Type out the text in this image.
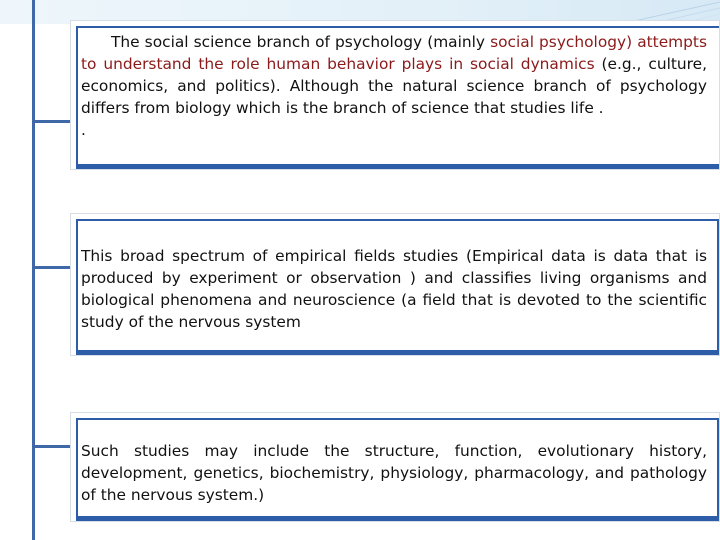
The social science branch of psychology (mainly social psychology) attempts to understand the role human behavior plays in social dynamics (e.g., culture, economics, and politics). Although the natural science branch of psychology differs from biology which is the branch of science that studies life .
.
This broad spectrum of empirical fields studies (Empirical data is data that is produced by experiment or observation ) and classifies living organisms and biological phenomena and neuroscience (a field that is devoted to the scientific study of the nervous system
Such studies may include the structure, function, evolutionary history, development, genetics, biochemistry, physiology, pharmacology, and pathology of the nervous system.)
